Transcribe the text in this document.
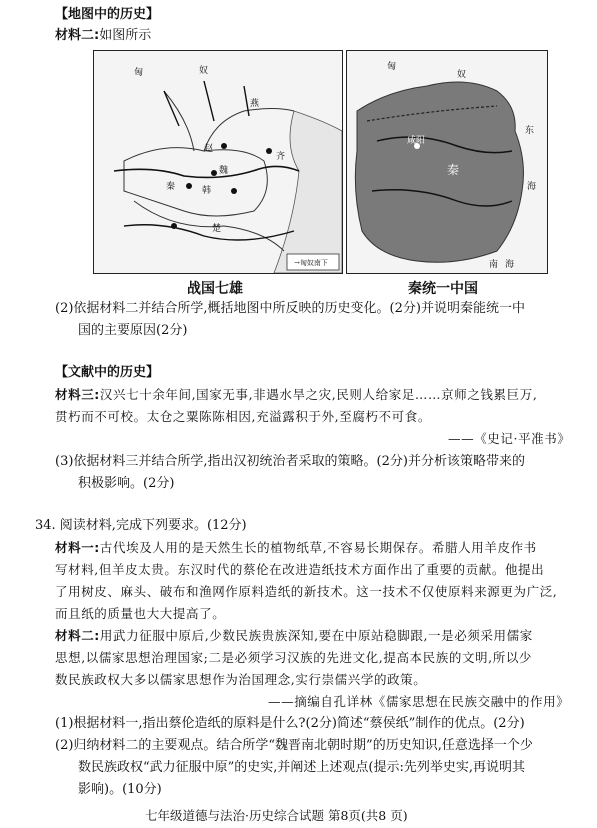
【地图中的历史】
材料二:如图所示
匈	奴
燕
赵
齐
魏
韩
秦
楚
→匈奴南下
匈
奴
东
海
南 海
咸阳
秦
战国七雄	秦统一中国
(2)依据材料二并结合所学,概括地图中所反映的历史变化。(2分)并说明秦能统一中
国的主要原因(2分)
【文献中的历史】
材料三:汉兴七十余年间,国家无事,非遇水旱之灾,民则人给家足……京师之钱累巨万,
贯朽而不可校。太仓之粟陈陈相因,充溢露积于外,至腐朽不可食。
——《史记·平准书》
(3)依据材料三并结合所学,指出汉初统治者采取的策略。(2分)并分析该策略带来的
积极影响。(2分)
34. 阅读材料,完成下列要求。(12分)
材料一:古代埃及人用的是天然生长的植物纸草,不容易长期保存。希腊人用羊皮作书
写材料,但羊皮太贵。东汉时代的蔡伦在改进造纸技术方面作出了重要的贡献。他提出
了用树皮、麻头、破布和渔网作原料造纸的新技术。这一技术不仅使原料来源更为广泛,
而且纸的质量也大大提高了。
材料二:用武力征服中原后,少数民族贵族深知,要在中原站稳脚跟,一是必须采用儒家
思想,以儒家思想治理国家;二是必须学习汉族的先进文化,提高本民族的文明,所以少
数民族政权大多以儒家思想作为治国理念,实行崇儒兴学的政策。
——摘编自孔详林《儒家思想在民族交融中的作用》
(1)根据材料一,指出蔡伦造纸的原料是什么?(2分)简述“蔡侯纸”制作的优点。(2分)
(2)归纳材料二的主要观点。结合所学“魏晋南北朝时期”的历史知识,任意选择一个少
数民族政权“武力征服中原”的史实,并阐述上述观点(提示:先列举史实,再说明其
影响)。(10分)
七年级道德与法治·历史综合试题 第8页(共8 页)
